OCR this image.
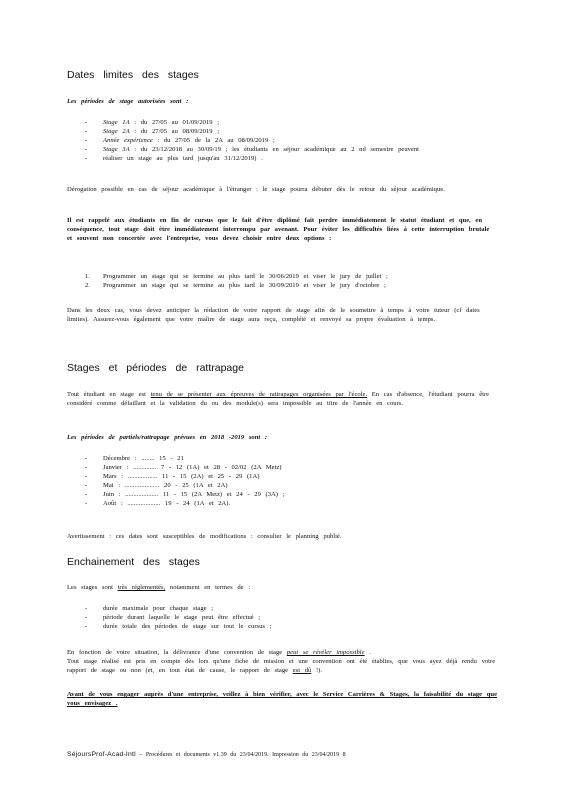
Dates limites des stages
Les périodes de stage autorisées sont :
- Stage 1A : du 27/05 au 01/09/2019 ;
- Stage 2A : du 27/05 au 08/09/2019 ;
- Année expérience : du 27/05 de la 2A au 08/09/2019 ;
- Stage 3A : du 23/12/2018 au 30/09/19 ; les étudiants en séjour académique au 2 nd semestre peuvent
- réaliser un stage au plus tard jusqu'au 31/12/2019) .
Dérogation possible en cas de séjour académique à l'étranger : le stage pourra débuter dès le retour du séjour académique.
Il est rappelé aux étudiants en fin de cursus que le fait d'être diplômé fait perdre immédiatement le statut étudiant et que, en conséquence, tout stage doit être immédiatement interrompu par avenant. Pour éviter les difficultés liées à cette interruption brutale et souvent non concertée avec l'entreprise, vous devez choisir entre deux options :
1. Programmer un stage qui se termine au plus tard le 30/06/2019 et viser le jury de juillet ;
2. Programmer un stage qui se termine au plus tard le 30/09/2019 et viser le jury d'octobre ;
Dans les deux cas, vous devez anticiper la rédaction de votre rapport de stage afin de le soumettre à temps à votre tuteur (cf dates limites). Assurez-vous également que votre maître de stage aura reçu, complété et renvoyé sa propre évaluation à temps.
Stages et périodes de rattrapage
Tout étudiant en stage est tenu de se présenter aux épreuves de rattrapages organisées par l'école. En cas d'absence, l'étudiant pourra être considéré comme défaillant et la validation du ou des module(s) sera impossible au titre de l'année en cours.
Les périodes de partiels/rattrapage prévues en 2018 -2019 sont :
- Décembre : ........ 15 - 21
- Janvier : .............. 7 - 12 (1A) et 28 - 02/02 (2A Metz)
- Mars : .................. 11 - 15 (2A) et 25 - 29 (1A)
- Mai : ..................... 20 - 25 (1A et 2A)
- Juin : .................... 11 - 15 (2A Metz) et 24 - 29 (3A) ;
- Août : .................... 19 - 24 (1A et 2A).
Avertissement : ces dates sont susceptibles de modifications : consulter le planning publié.
Enchainement des stages
Les stages sont très réglementés, notamment en termes de :
- durée maximale pour chaque stage ;
- période durant laquelle le stage peut être effectué ;
- durée totale des périodes de stage sur tout le cursus ;
En fonction de votre situation, la délivrance d'une convention de stage peut se révéler impossible .
Tout stage réalisé est pris en compte dès lors qu'une fiche de mission et une convention ont été établies, que vous ayez déjà rendu votre rapport de stage ou non (et, en tout état de cause, le rapport de stage est dû !).
Avant de vous engager auprès d'une entreprise, veillez à bien vérifier, avec le Service Carrières & Stages, la faisabilité du stage que vous envisagez .
SéjoursProf-Acad-Intl – Procédures et documents v1.39 du 23/04/2019. Impression du 23/04/2019 8
